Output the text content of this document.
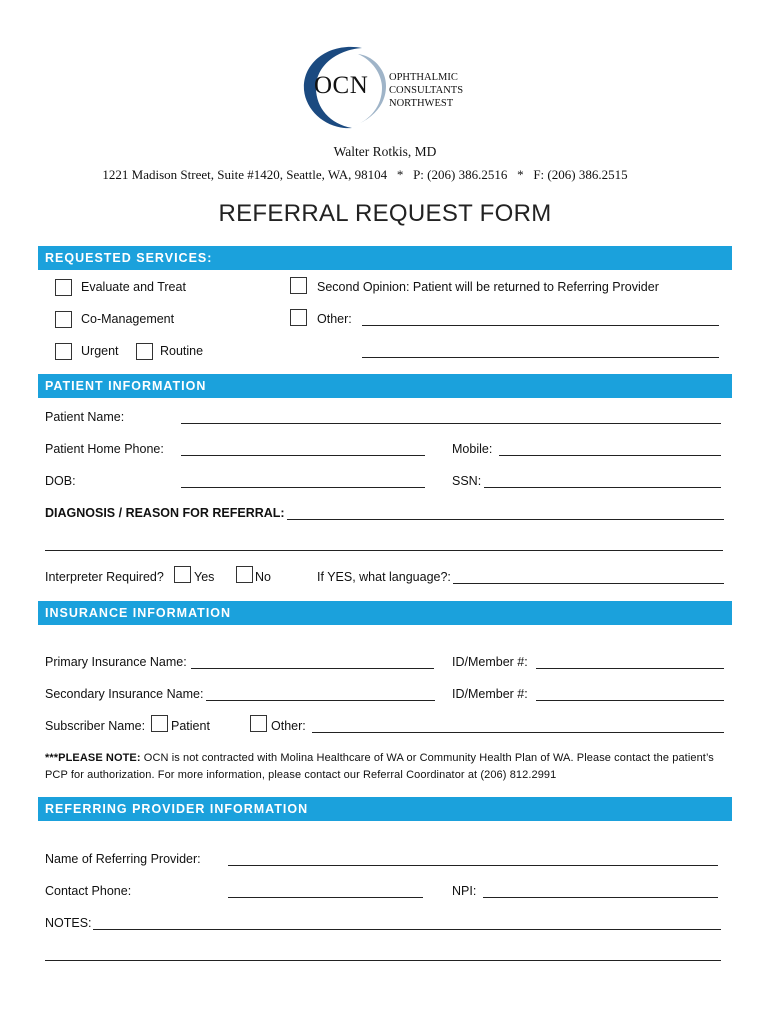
OCN OPHTHALMIC
CONSULTANTS
NORTHWEST
Walter Rotkis, MD
1221 Madison Street, Suite #1420, Seattle, WA, 98104   *   P: (206) 386.2516   *   F: (206) 386.2515
REFERRAL REQUEST FORM
REQUESTED SERVICES:
Evaluate and Treat	Second Opinion: Patient will be returned to Referring Provider
Co-Management	Other:
Urgent	Routine
PATIENT INFORMATION
Patient Name:
Patient Home Phone:	Mobile:
DOB:	SSN:
DIAGNOSIS / REASON FOR REFERRAL:
Interpreter Required? Yes	No	If YES, what language?:
INSURANCE INFORMATION
Primary Insurance Name:	ID/Member #:
Secondary Insurance Name:	ID/Member #:
Subscriber Name: Patient	Other:
***PLEASE NOTE: OCN is not contracted with Molina Healthcare of WA or Community Health Plan of WA. Please contact the patient’s PCP for authorization. For more information, please contact our Referral Coordinator at (206) 812.2991
REFERRING PROVIDER INFORMATION
Name of Referring Provider:
Contact Phone:	NPI:
NOTES:
